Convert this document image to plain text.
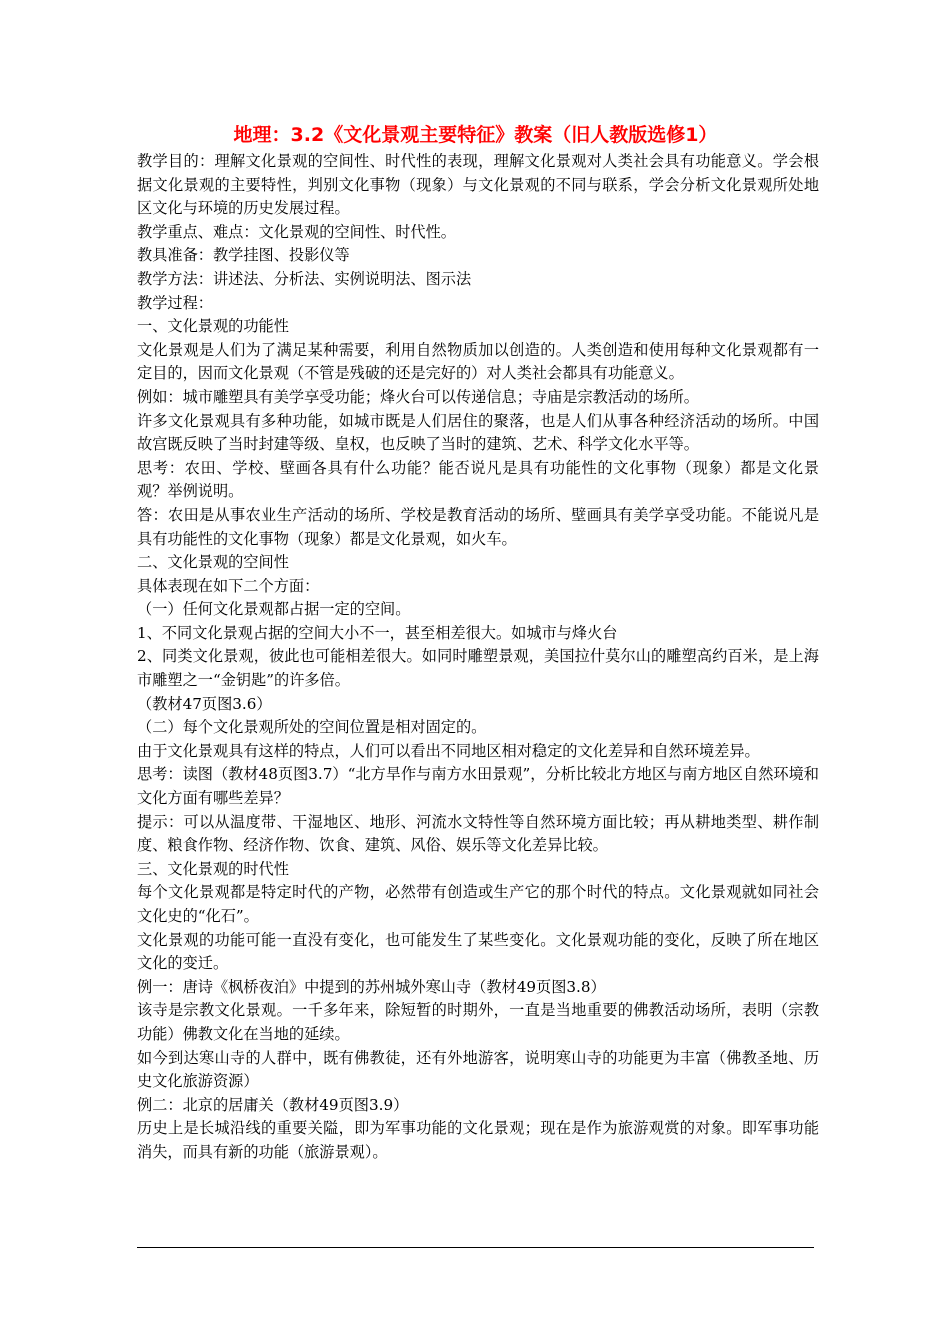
地理：3.2《文化景观主要特征》教案（旧人教版选修1）

教学目的：理解文化景观的空间性、时代性的表现，理解文化景观对人类社会具有功能意义。学会根据文化景观的主要特性，判别文化事物（现象）与文化景观的不同与联系，学会分析文化景观所处地区文化与环境的历史发展过程。

教学重点、难点：文化景观的空间性、时代性。

教具准备：教学挂图、投影仪等

教学方法：讲述法、分析法、实例说明法、图示法

教学过程：

一、文化景观的功能性

文化景观是人们为了满足某种需要，利用自然物质加以创造的。人类创造和使用每种文化景观都有一定目的，因而文化景观（不管是残破的还是完好的）对人类社会都具有功能意义。

例如：城市雕塑具有美学享受功能；烽火台可以传递信息；寺庙是宗教活动的场所。

许多文化景观具有多种功能，如城市既是人们居住的聚落，也是人们从事各种经济活动的场所。中国故宫既反映了当时封建等级、皇权，也反映了当时的建筑、艺术、科学文化水平等。

思考：农田、学校、壁画各具有什么功能？能否说凡是具有功能性的文化事物（现象）都是文化景观？举例说明。

答：农田是从事农业生产活动的场所、学校是教育活动的场所、壁画具有美学享受功能。不能说凡是具有功能性的文化事物（现象）都是文化景观，如火车。

二、文化景观的空间性

具体表现在如下二个方面：

（一）任何文化景观都占据一定的空间。

1、不同文化景观占据的空间大小不一，甚至相差很大。如城市与烽火台

2、同类文化景观，彼此也可能相差很大。如同时雕塑景观，美国拉什莫尔山的雕塑高约百米，是上海市雕塑之一“金钥匙”的许多倍。

（教材47页图3.6）

（二）每个文化景观所处的空间位置是相对固定的。

由于文化景观具有这样的特点，人们可以看出不同地区相对稳定的文化差异和自然环境差异。

思考：读图（教材48页图3.7）“北方旱作与南方水田景观”，分析比较北方地区与南方地区自然环境和文化方面有哪些差异？

提示：可以从温度带、干湿地区、地形、河流水文特性等自然环境方面比较；再从耕地类型、耕作制度、粮食作物、经济作物、饮食、建筑、风俗、娱乐等文化差异比较。

三、文化景观的时代性

每个文化景观都是特定时代的产物，必然带有创造或生产它的那个时代的特点。文化景观就如同社会文化史的“化石”。

文化景观的功能可能一直没有变化，也可能发生了某些变化。文化景观功能的变化，反映了所在地区文化的变迁。

例一：唐诗《枫桥夜泊》中提到的苏州城外寒山寺（教材49页图3.8）

该寺是宗教文化景观。一千多年来，除短暂的时期外，一直是当地重要的佛教活动场所，表明（宗教功能）佛教文化在当地的延续。

如今到达寒山寺的人群中，既有佛教徒，还有外地游客，说明寒山寺的功能更为丰富（佛教圣地、历史文化旅游资源）

例二：北京的居庸关（教材49页图3.9）

历史上是长城沿线的重要关隘，即为军事功能的文化景观；现在是作为旅游观赏的对象。即军事功能消失，而具有新的功能（旅游景观）。
